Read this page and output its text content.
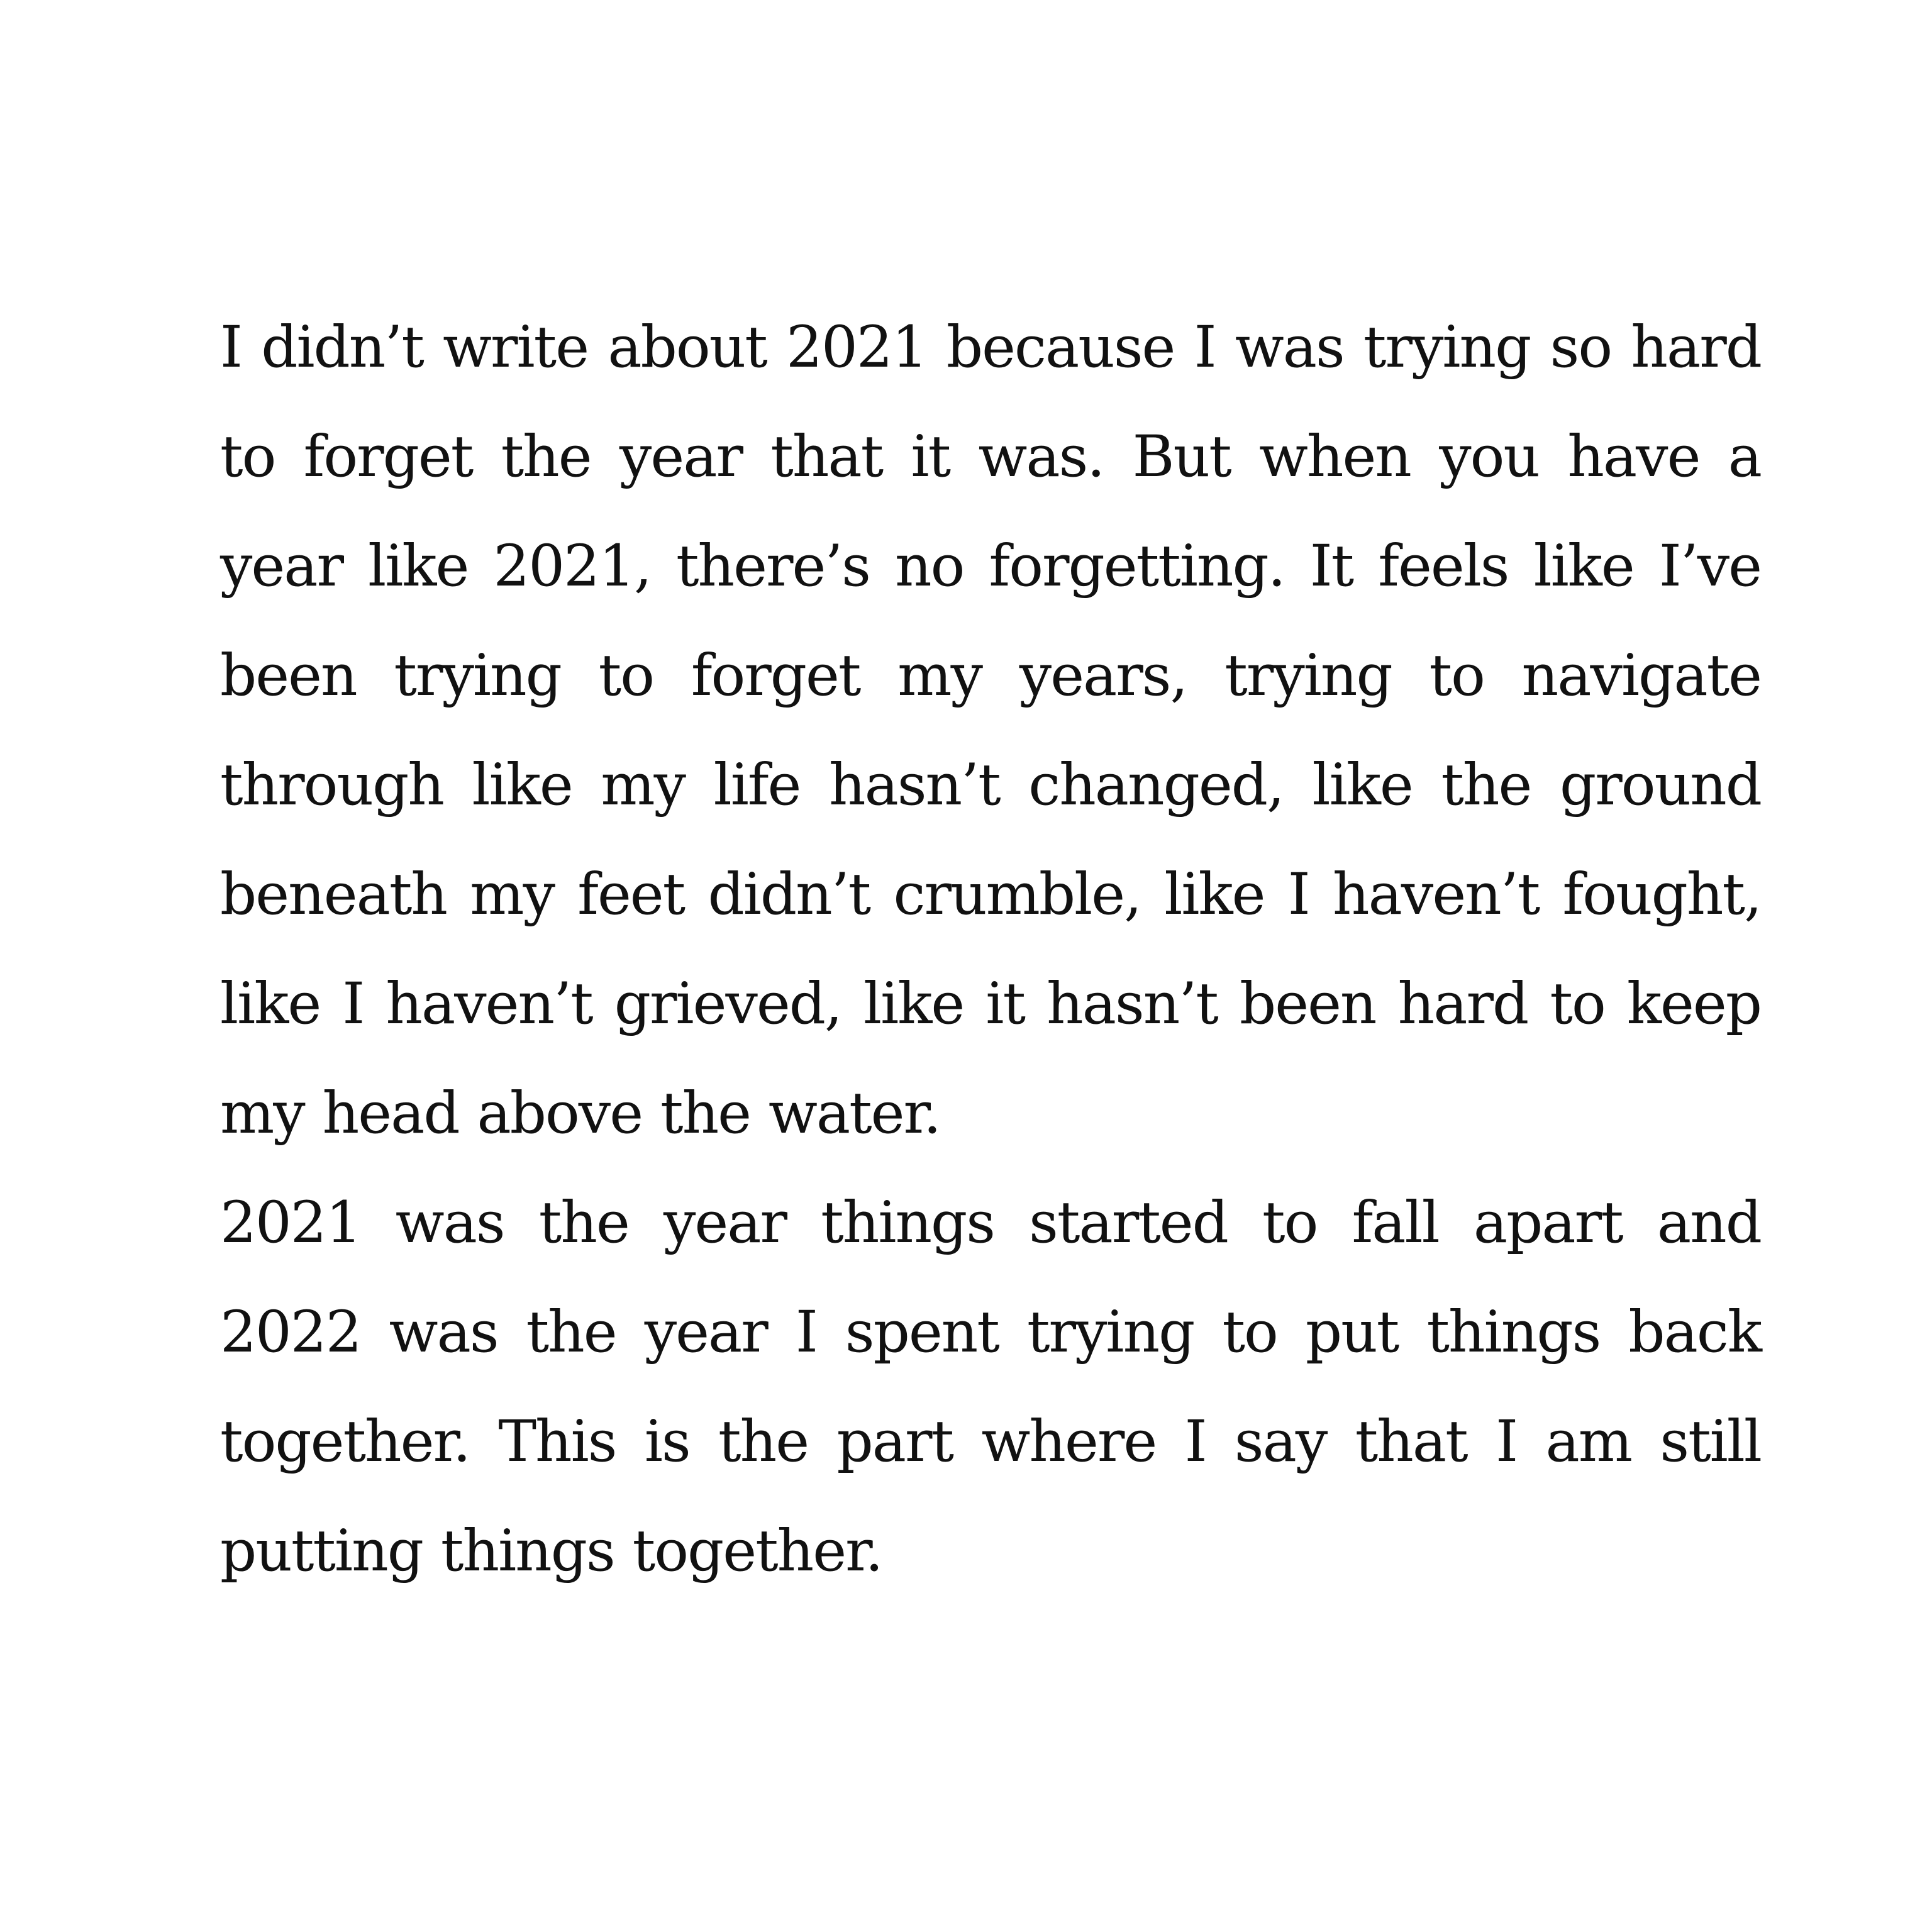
I didn’t write about 2021 because I was trying so hard to forget the year that it was. But when you have a year like 2021, there’s no forgetting. It feels like I’ve been trying to forget my years, trying to navigate through like my life hasn’t changed, like the ground beneath my feet didn’t crumble, like I haven’t fought, like I haven’t grieved, like it hasn’t been hard to keep my head above the water.

2021 was the year things started to fall apart and 2022 was the year I spent trying to put things back together. This is the part where I say that I am still putting things together.
